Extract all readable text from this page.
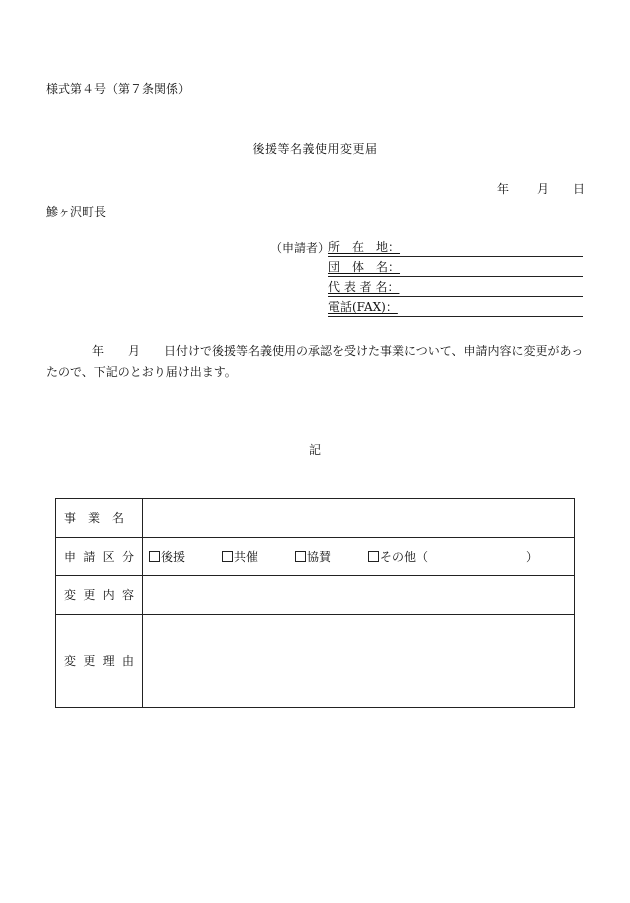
様式第４号（第７条関係）
後援等名義使用変更届
年 月 日
鰺ヶ沢町長
（申請者）
所　在　地：
団　体　名：
代 表 者 名：
電話(FAX)：
年　　月　　日付けで後援等名義使用の承認を受けた事業について、申請内容に変更があったので、下記のとおり届け出ます。
記
事 業 名
申 請 区 分	後援	共催	協賛	その他（	）
変 更 内 容
変 更 理 由
